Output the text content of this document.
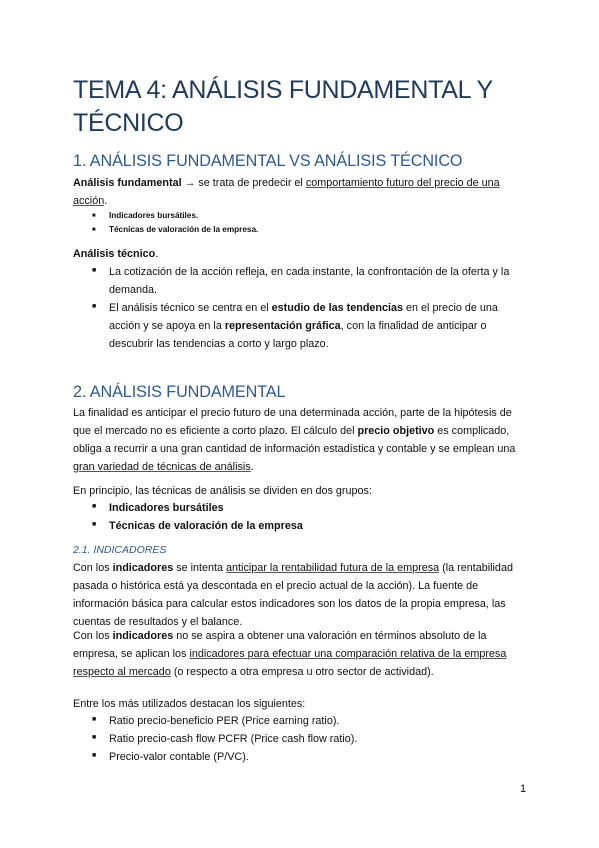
TEMA 4: ANÁLISIS FUNDAMENTAL Y TÉCNICO
1. ANÁLISIS FUNDAMENTAL VS ANÁLISIS TÉCNICO

Análisis fundamental → se trata de predecir el comportamiento futuro del precio de una acción.

■ Indicadores bursátiles.
■ Técnicas de valoración de la empresa.

Análisis técnico.

■ La cotización de la acción refleja, en cada instante, la confrontación de la oferta y la demanda.
■ El análisis técnico se centra en el estudio de las tendencias en el precio de una acción y se apoya en la representación gráfica, con la finalidad de anticipar o descubrir las tendencias a corto y largo plazo.
2. ANÁLISIS FUNDAMENTAL

La finalidad es anticipar el precio futuro de una determinada acción, parte de la hipótesis de que el mercado no es eficiente a corto plazo. El cálculo del precio objetivo es complicado, obliga a recurrir a una gran cantidad de información estadística y contable y se emplean una gran variedad de técnicas de análisis.

En principio, las técnicas de análisis se dividen en dos grupos:

■ Indicadores bursátiles
■ Técnicas de valoración de la empresa
2.1. INDICADORES

Con los indicadores se intenta anticipar la rentabilidad futura de la empresa (la rentabilidad pasada o histórica está ya descontada en el precio actual de la acción). La fuente de información básica para calcular estos indicadores son los datos de la propia empresa, las cuentas de resultados y el balance.

Con los indicadores no se aspira a obtener una valoración en términos absoluto de la empresa, se aplican los indicadores para efectuar una comparación relativa de la empresa respecto al mercado (o respecto a otra empresa u otro sector de actividad).

Entre los más utilizados destacan los siguientes:

■ Ratio precio-beneficio PER (Price earning ratio).
■ Ratio precio-cash flow PCFR (Price cash flow ratio).
■ Precio-valor contable (P/VC).
1
